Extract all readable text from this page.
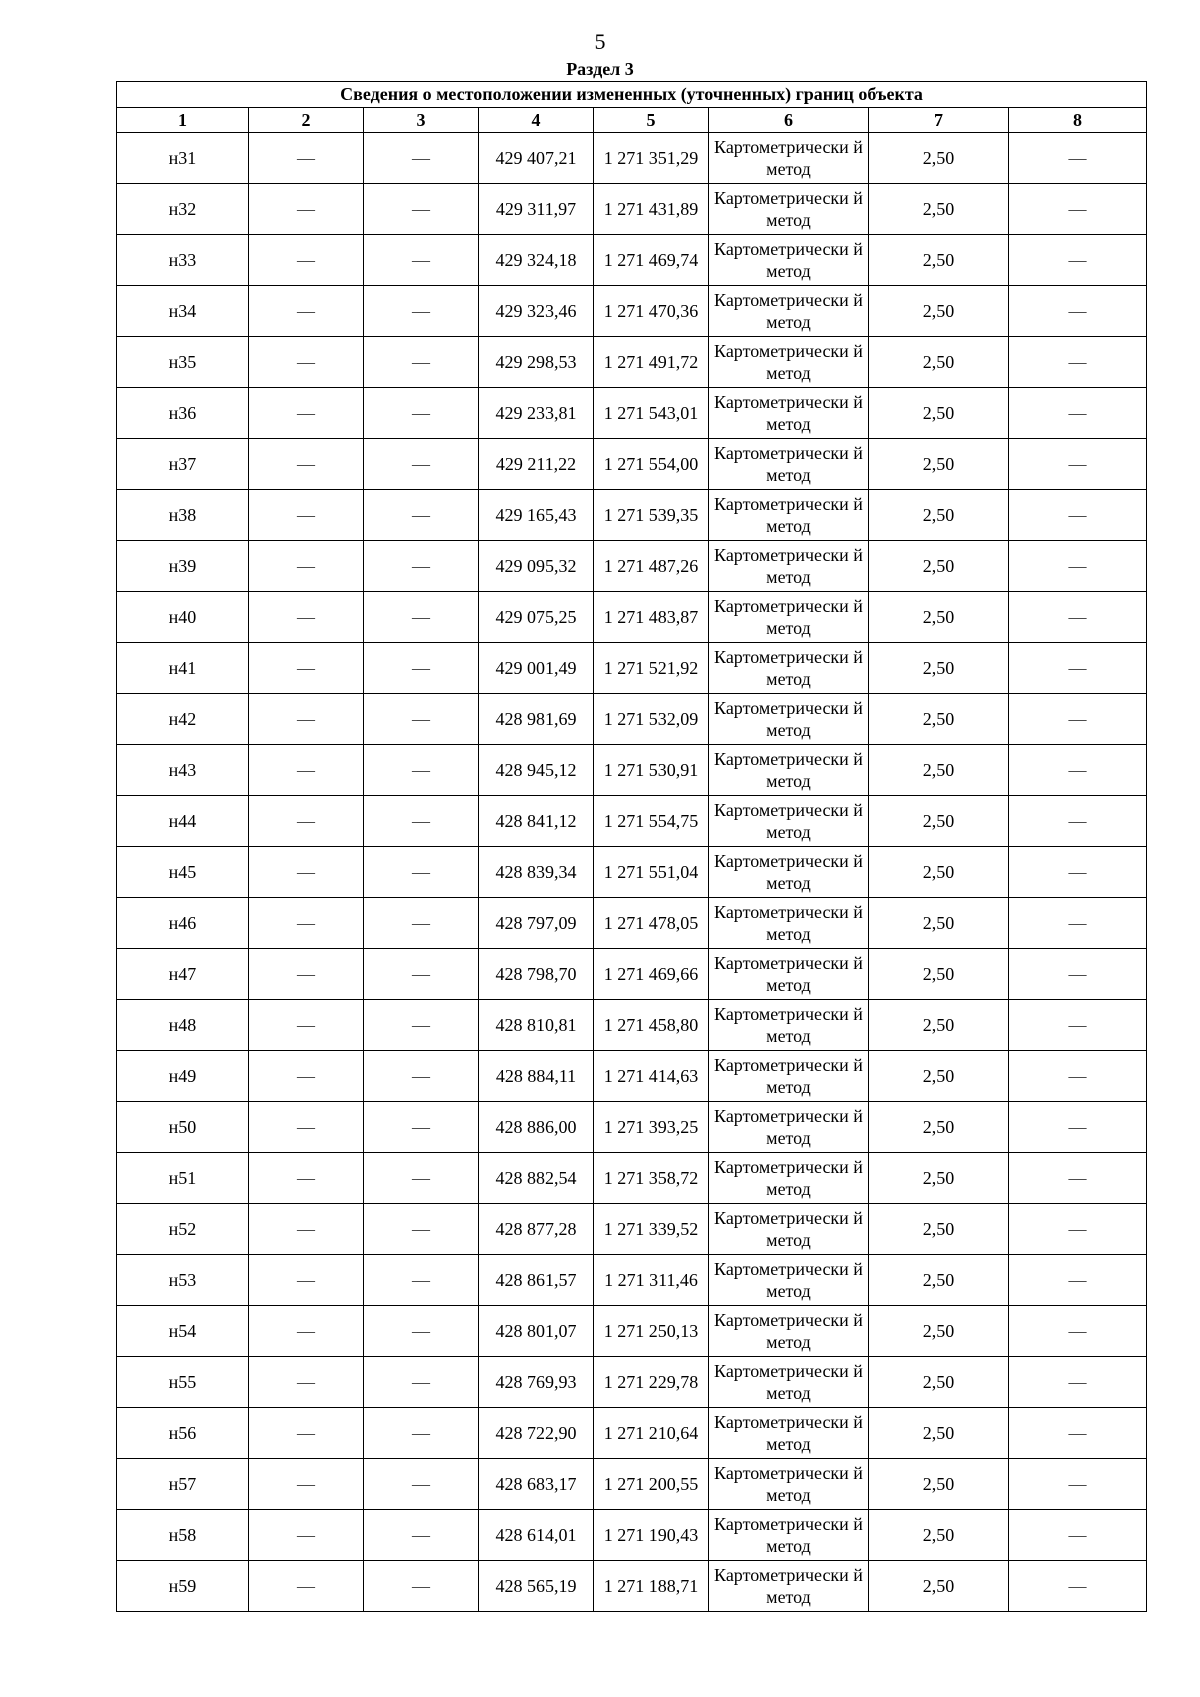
5
Раздел 3
Сведения о местоположении измененных (уточненных) границ объекта							
1	2	3	4	5	6	7	8
н31	—	—	429 407,21	1 271 351,29	Картометрически й метод	2,50	—
н32	—	—	429 311,97	1 271 431,89	Картометрически й метод	2,50	—
н33	—	—	429 324,18	1 271 469,74	Картометрически й метод	2,50	—
н34	—	—	429 323,46	1 271 470,36	Картометрически й метод	2,50	—
н35	—	—	429 298,53	1 271 491,72	Картометрически й метод	2,50	—
н36	—	—	429 233,81	1 271 543,01	Картометрически й метод	2,50	—
н37	—	—	429 211,22	1 271 554,00	Картометрически й метод	2,50	—
н38	—	—	429 165,43	1 271 539,35	Картометрически й метод	2,50	—
н39	—	—	429 095,32	1 271 487,26	Картометрически й метод	2,50	—
н40	—	—	429 075,25	1 271 483,87	Картометрически й метод	2,50	—
н41	—	—	429 001,49	1 271 521,92	Картометрически й метод	2,50	—
н42	—	—	428 981,69	1 271 532,09	Картометрически й метод	2,50	—
н43	—	—	428 945,12	1 271 530,91	Картометрически й метод	2,50	—
н44	—	—	428 841,12	1 271 554,75	Картометрически й метод	2,50	—
н45	—	—	428 839,34	1 271 551,04	Картометрически й метод	2,50	—
н46	—	—	428 797,09	1 271 478,05	Картометрически й метод	2,50	—
н47	—	—	428 798,70	1 271 469,66	Картометрически й метод	2,50	—
н48	—	—	428 810,81	1 271 458,80	Картометрически й метод	2,50	—
н49	—	—	428 884,11	1 271 414,63	Картометрически й метод	2,50	—
н50	—	—	428 886,00	1 271 393,25	Картометрически й метод	2,50	—
н51	—	—	428 882,54	1 271 358,72	Картометрически й метод	2,50	—
н52	—	—	428 877,28	1 271 339,52	Картометрически й метод	2,50	—
н53	—	—	428 861,57	1 271 311,46	Картометрически й метод	2,50	—
н54	—	—	428 801,07	1 271 250,13	Картометрически й метод	2,50	—
н55	—	—	428 769,93	1 271 229,78	Картометрически й метод	2,50	—
н56	—	—	428 722,90	1 271 210,64	Картометрически й метод	2,50	—
н57	—	—	428 683,17	1 271 200,55	Картометрически й метод	2,50	—
н58	—	—	428 614,01	1 271 190,43	Картометрически й метод	2,50	—
н59	—	—	428 565,19	1 271 188,71	Картометрически й метод	2,50	—
